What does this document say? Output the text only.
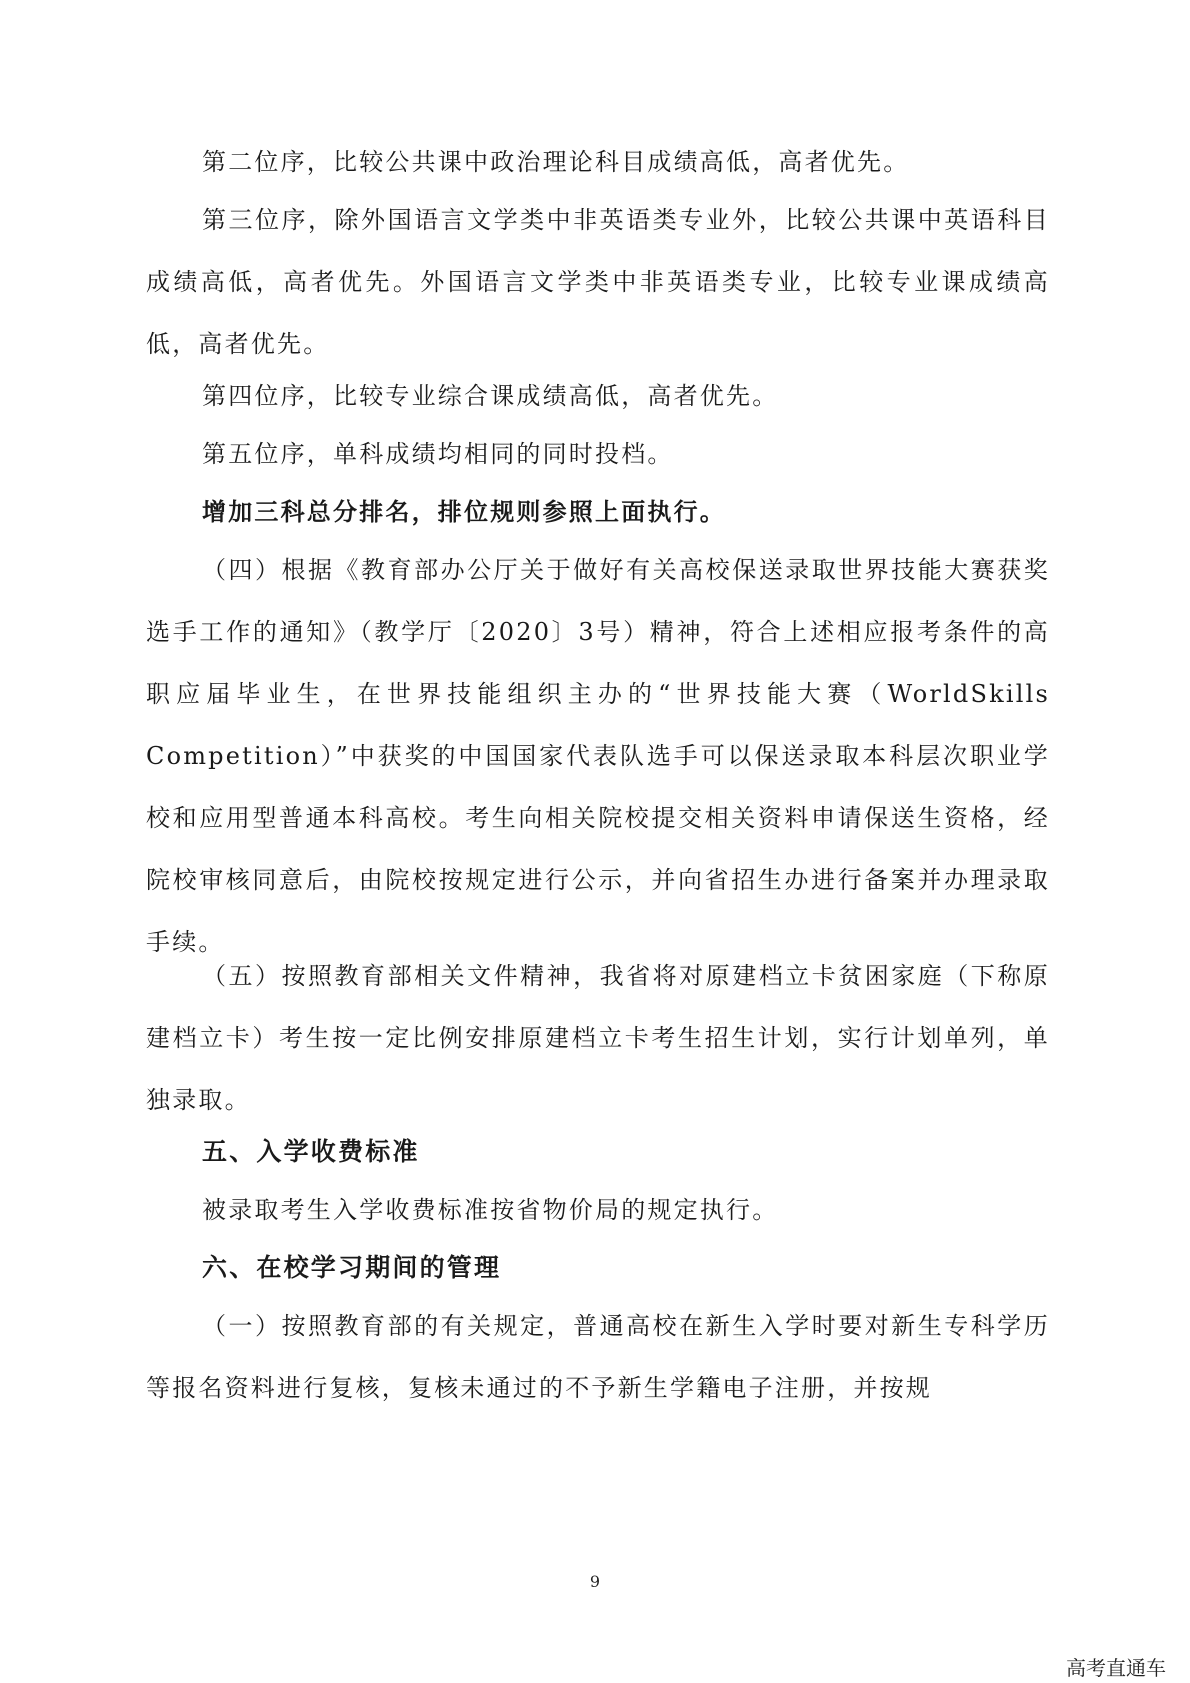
第二位序，比较公共课中政治理论科目成绩高低，高者优先。

第三位序，除外国语言文学类中非英语类专业外，比较公共课中英语科目成绩高低，高者优先。外国语言文学类中非英语类专业，比较专业课成绩高低，高者优先。

第四位序，比较专业综合课成绩高低，高者优先。

第五位序，单科成绩均相同的同时投档。

增加三科总分排名，排位规则参照上面执行。

（四）根据《教育部办公厅关于做好有关高校保送录取世界技能大赛获奖选手工作的通知》（教学厅〔2020〕3号）精神，符合上述相应报考条件的高职应届毕业生，在世界技能组织主办的“世界技能大赛（WorldSkills Competition）”中获奖的中国国家代表队选手可以保送录取本科层次职业学校和应用型普通本科高校。考生向相关院校提交相关资料申请保送生资格，经院校审核同意后，由院校按规定进行公示，并向省招生办进行备案并办理录取手续。

（五）按照教育部相关文件精神，我省将对原建档立卡贫困家庭（下称原建档立卡）考生按一定比例安排原建档立卡考生招生计划，实行计划单列，单独录取。

五、入学收费标准

被录取考生入学收费标准按省物价局的规定执行。

六、在校学习期间的管理

（一）按照教育部的有关规定，普通高校在新生入学时要对新生专科学历等报名资料进行复核，复核未通过的不予新生学籍电子注册，并按规

9
高考直通车
